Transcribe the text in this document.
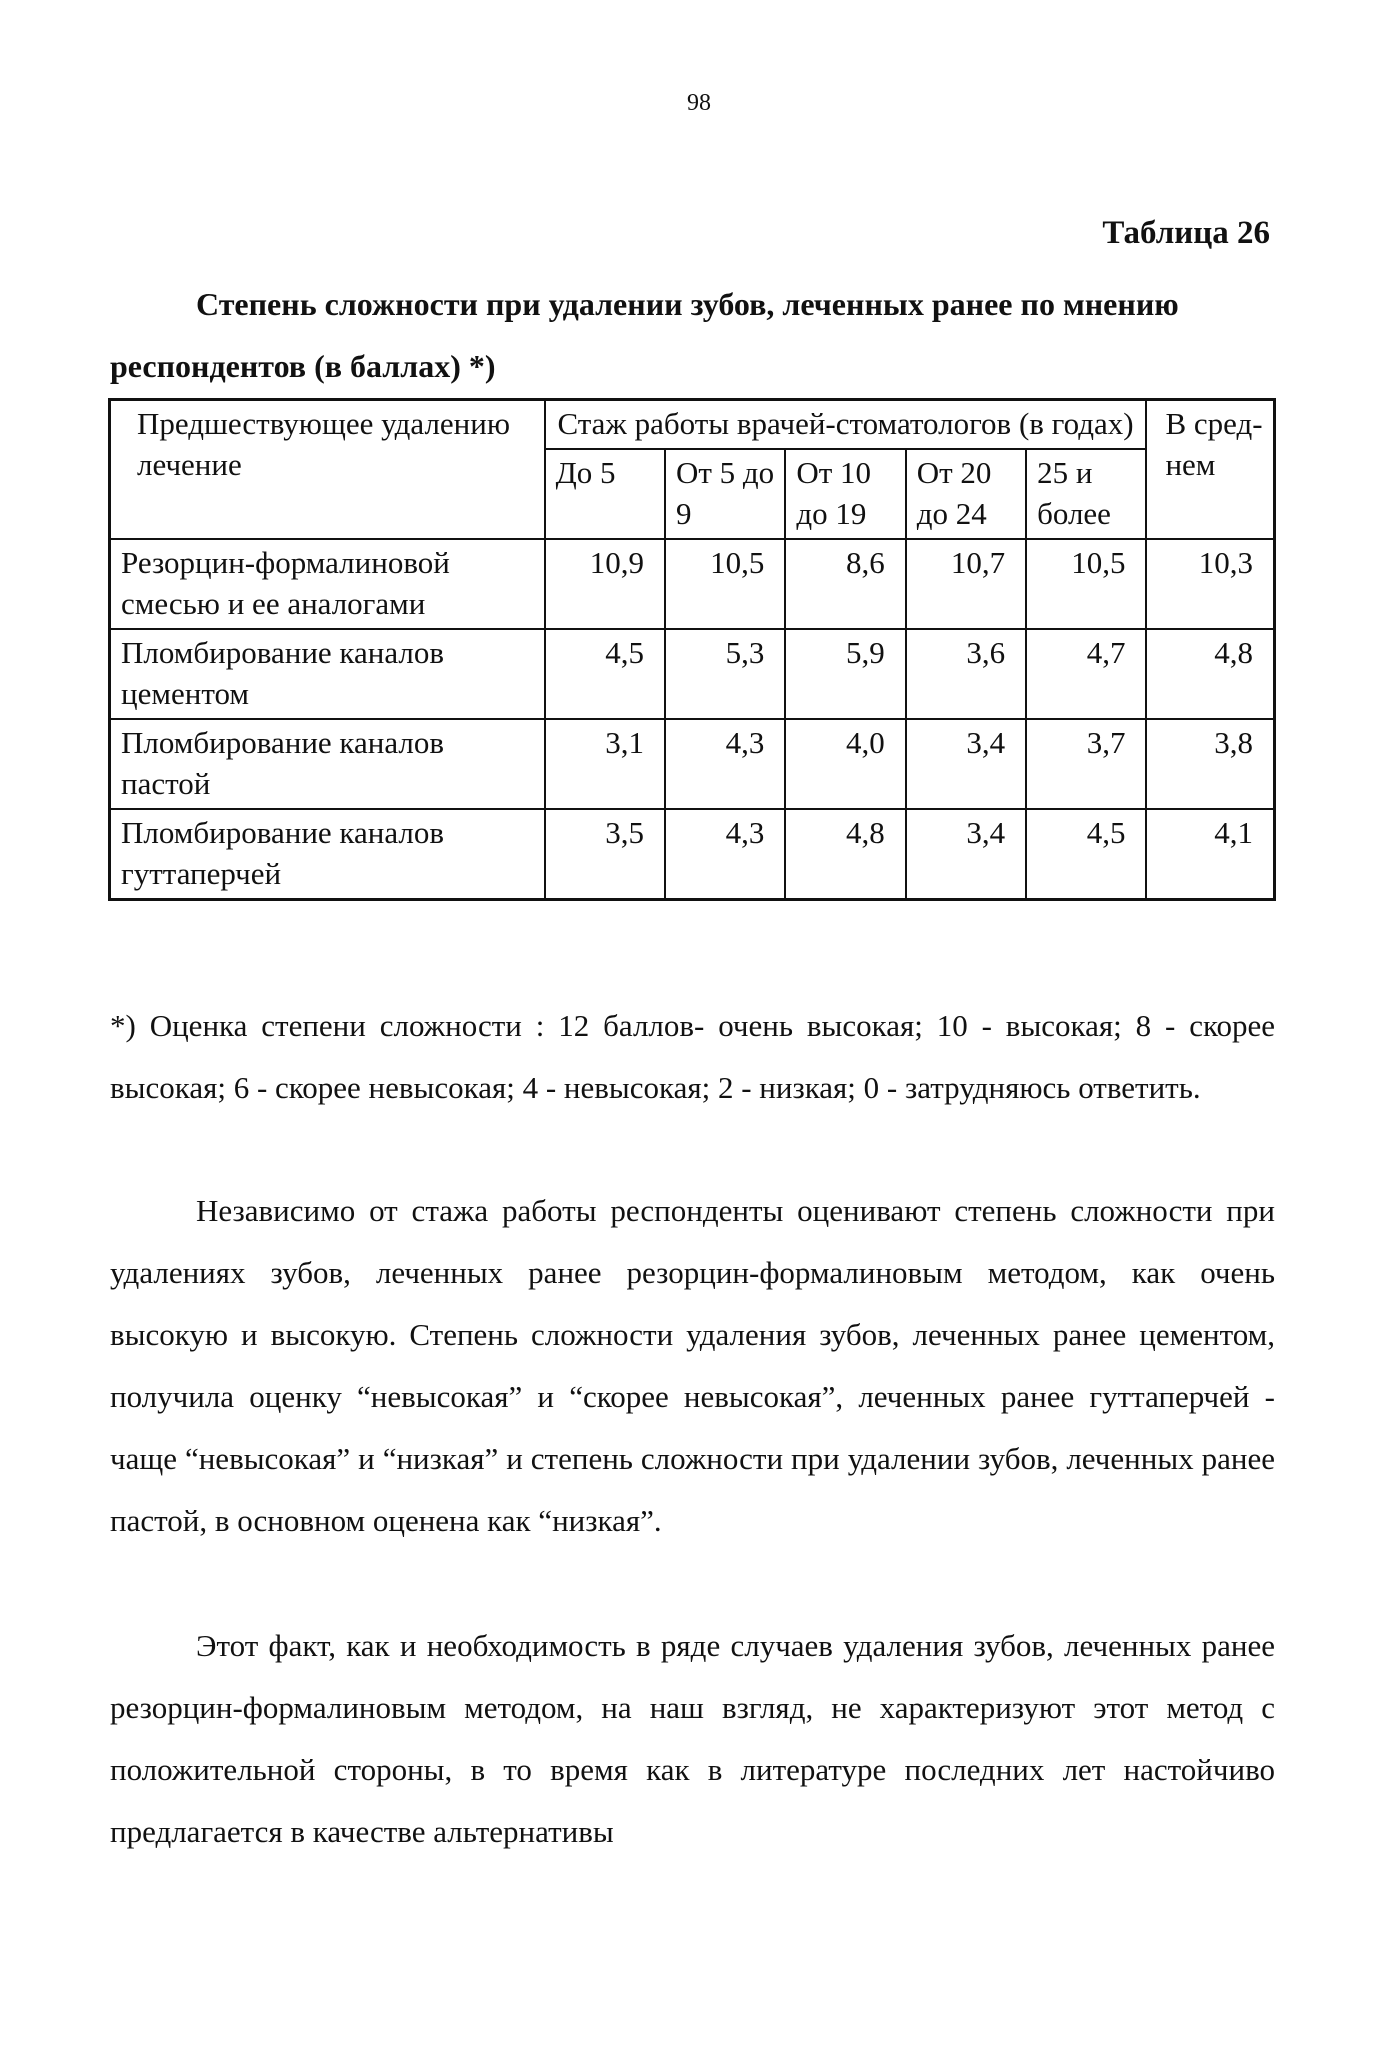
98
Таблица 26
Степень сложности при удалении зубов, леченных ранее по мнению
респондентов (в баллах) *)
Предшествующее удалению лечение	Стаж работы врачей-стоматологов (в годах)					В сред-нем
	До 5	От 5 до 9	От 10 до 19	От 20 до 24	25 и более	
Резорцин-формалиновой смесью и ее аналогами	10,9	10,5	8,6	10,7	10,5	10,3
Пломбирование каналов цементом	4,5	5,3	5,9	3,6	4,7	4,8
Пломбирование каналов пастой	3,1	4,3	4,0	3,4	3,7	3,8
Пломбирование каналов гуттаперчей	3,5	4,3	4,8	3,4	4,5	4,1
*) Оценка степени сложности : 12 баллов- очень высокая; 10 - высокая; 8 - скорее высокая; 6 - скорее невысокая; 4 - невысокая; 2 - низкая; 0 - затрудняюсь ответить.

Независимо от стажа работы респонденты оценивают степень сложности при удалениях зубов, леченных ранее резорцин-формалиновым методом, как очень высокую и высокую. Степень сложности удаления зубов, леченных ранее цементом, получила оценку “невысокая” и “скорее невысокая”, леченных ранее гуттаперчей - чаще “невысокая” и “низкая” и степень сложности при удалении зубов, леченных ранее пастой, в основном оценена как “низкая”.

Этот факт, как и необходимость в ряде случаев удаления зубов, леченных ранее резорцин-формалиновым методом, на наш взгляд, не характеризуют этот метод с положительной стороны, в то время как в литературе последних лет настойчиво предлагается в качестве альтернативы
